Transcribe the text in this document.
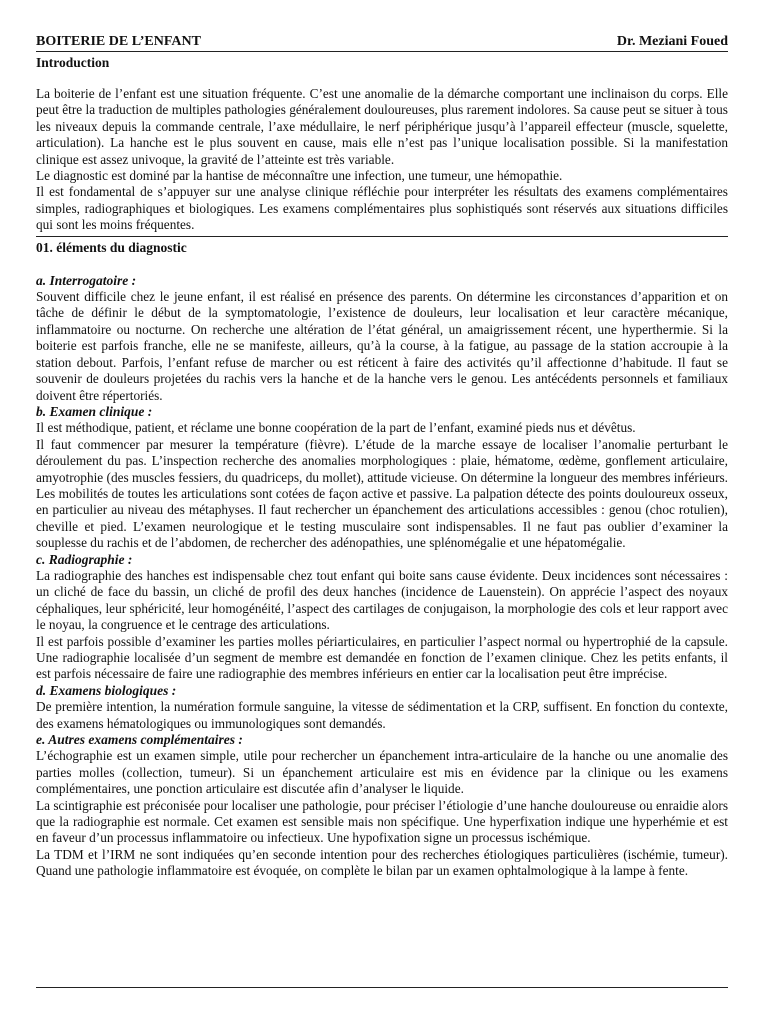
BOITERIE DE L’ENFANT	Dr. Meziani Foued
Introduction

La boiterie de l’enfant est une situation fréquente. C’est une anomalie de la démarche comportant une inclinaison du corps. Elle peut être la traduction de multiples pathologies généralement douloureuses, plus rarement indolores. Sa cause peut se situer à tous les niveaux depuis la commande centrale, l’axe médullaire, le nerf périphérique jusqu’à l’appareil effecteur (muscle, squelette, articulation). La hanche est le plus souvent en cause, mais elle n’est pas l’unique localisation possible. Si la manifestation clinique est assez univoque, la gravité de l’atteinte est très variable.

Le diagnostic est dominé par la hantise de méconnaître une infection, une tumeur, une hémopathie.

Il est fondamental de s’appuyer sur une analyse clinique réfléchie pour interpréter les résultats des examens complémentaires simples, radiographiques et biologiques. Les examens complémentaires plus sophistiqués sont réservés aux situations difficiles qui sont les moins fréquentes.

01. éléments du diagnostic

a. Interrogatoire :

Souvent difficile chez le jeune enfant, il est réalisé en présence des parents. On détermine les circonstances d’apparition et on tâche de définir le début de la symptomatologie, l’existence de douleurs, leur localisation et leur caractère mécanique, inflammatoire ou nocturne. On recherche une altération de l’état général, un amaigrissement récent, une hyperthermie. Si la boiterie est parfois franche, elle ne se manifeste, ailleurs, qu’à la course, à la fatigue, au passage de la station accroupie à la station debout. Parfois, l’enfant refuse de marcher ou est réticent à faire des activités qu’il affectionne d’habitude. Il faut se souvenir de douleurs projetées du rachis vers la hanche et de la hanche vers le genou. Les antécédents personnels et familiaux doivent être répertoriés.

b. Examen clinique :

Il est méthodique, patient, et réclame une bonne coopération de la part de l’enfant, examiné pieds nus et dévêtus.

Il faut commencer par mesurer la température (fièvre). L’étude de la marche essaye de localiser l’anomalie perturbant le déroulement du pas. L’inspection recherche des anomalies morphologiques : plaie, hématome, œdème, gonflement articulaire, amyotrophie (des muscles fessiers, du quadriceps, du mollet), attitude vicieuse. On détermine la longueur des membres inférieurs. Les mobilités de toutes les articulations sont cotées de façon active et passive. La palpation détecte des points douloureux osseux, en particulier au niveau des métaphyses. Il faut rechercher un épanchement des articulations accessibles : genou (choc rotulien), cheville et pied. L’examen neurologique et le testing musculaire sont indispensables. Il ne faut pas oublier d’examiner la souplesse du rachis et de l’abdomen, de rechercher des adénopathies, une splénomégalie et une hépatomégalie.

c. Radiographie :

La radiographie des hanches est indispensable chez tout enfant qui boite sans cause évidente. Deux incidences sont nécessaires : un cliché de face du bassin, un cliché de profil des deux hanches (incidence de Lauenstein). On apprécie l’aspect des noyaux céphaliques, leur sphéricité, leur homogénéité, l’aspect des cartilages de conjugaison, la morphologie des cols et leur rapport avec le noyau, la congruence et le centrage des articulations.

Il est parfois possible d’examiner les parties molles périarticulaires, en particulier l’aspect normal ou hypertrophié de la capsule. Une radiographie localisée d’un segment de membre est demandée en fonction de l’examen clinique. Chez les petits enfants, il est parfois nécessaire de faire une radiographie des membres inférieurs en entier car la localisation peut être imprécise.

d. Examens biologiques :

De première intention, la numération formule sanguine, la vitesse de sédimentation et la CRP, suffisent. En fonction du contexte, des examens hématologiques ou immunologiques sont demandés.

e. Autres examens complémentaires :

L’échographie est un examen simple, utile pour rechercher un épanchement intra-articulaire de la hanche ou une anomalie des parties molles (collection, tumeur). Si un épanchement articulaire est mis en évidence par la clinique ou les examens complémentaires, une ponction articulaire est discutée afin d’analyser le liquide.

La scintigraphie est préconisée pour localiser une pathologie, pour préciser l’étiologie d’une hanche douloureuse ou enraidie alors que la radiographie est normale. Cet examen est sensible mais non spécifique. Une hyperfixation indique une hyperhémie et est en faveur d’un processus inflammatoire ou infectieux. Une hypofixation signe un processus ischémique.

La TDM et l’IRM ne sont indiquées qu’en seconde intention pour des recherches étiologiques particulières (ischémie, tumeur). Quand une pathologie inflammatoire est évoquée, on complète le bilan par un examen ophtalmologique à la lampe à fente.
